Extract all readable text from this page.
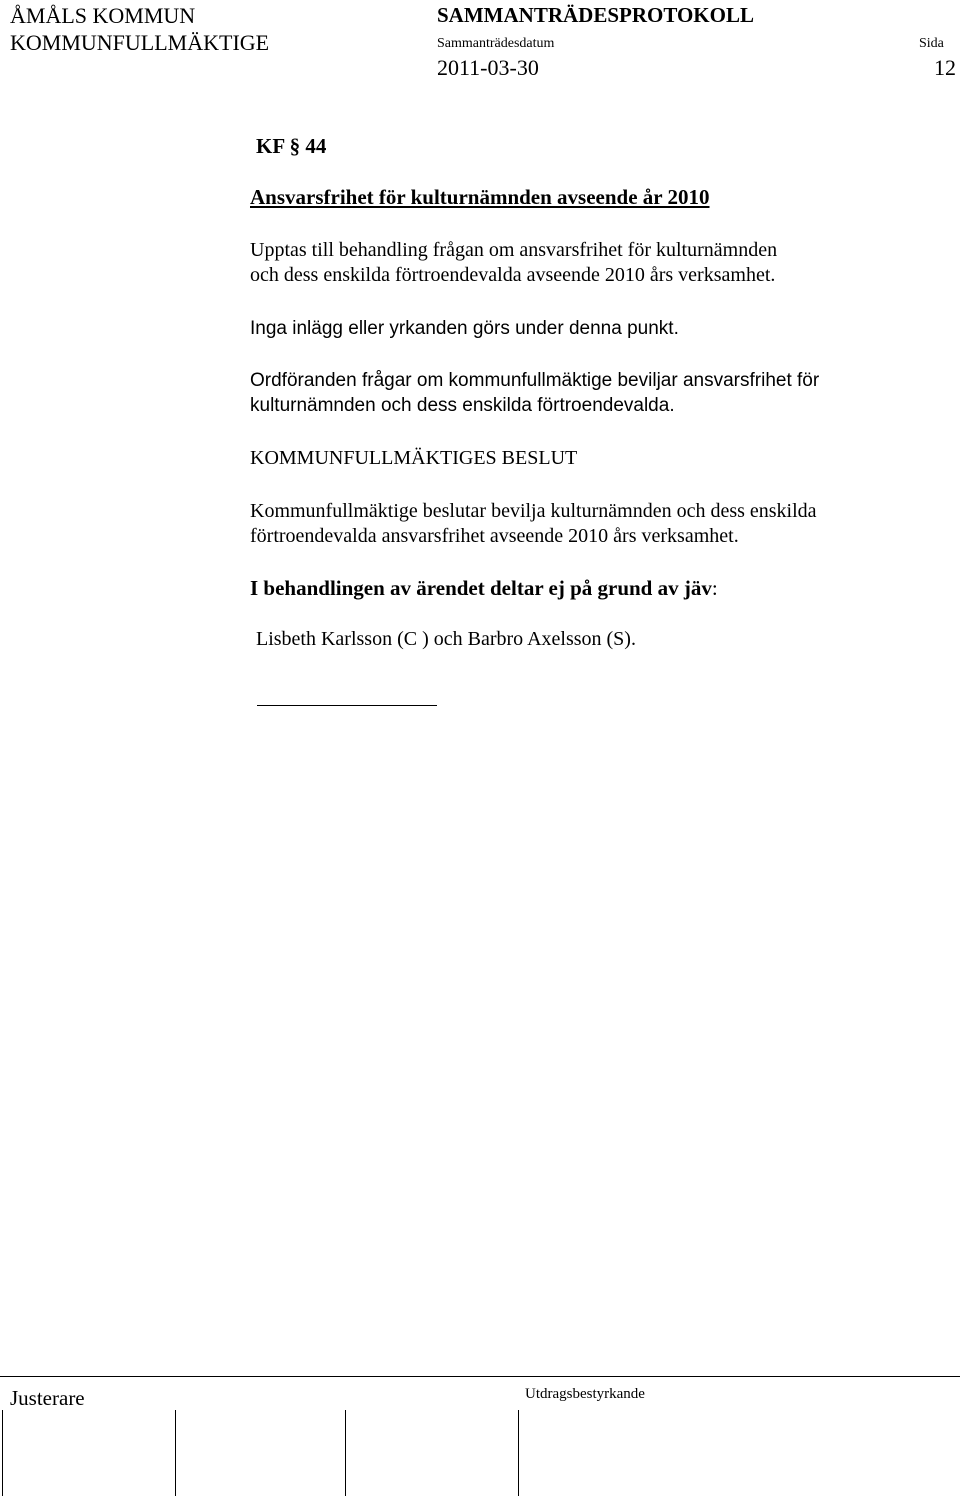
ÅMÅLS KOMMUN
KOMMUNFULLMÄKTIGE
SAMMANTRÄDESPROTOKOLL
Sammanträdesdatum	Sida
2011-03-30	12
KF § 44
Ansvarsfrihet för kulturnämnden avseende år 2010
Upptas till behandling frågan om ansvarsfrihet för kulturnämnden
och dess enskilda förtroendevalda avseende 2010 års verksamhet.
Inga inlägg eller yrkanden görs under denna punkt.
Ordföranden frågar om kommunfullmäktige beviljar ansvarsfrihet för
kulturnämnden och dess enskilda förtroendevalda.
KOMMUNFULLMÄKTIGES BESLUT
Kommunfullmäktige beslutar bevilja kulturnämnden och dess enskilda
förtroendevalda ansvarsfrihet avseende 2010 års verksamhet.
I behandlingen av ärendet deltar ej på grund av jäv:
Lisbeth Karlsson (C ) och Barbro Axelsson (S).
Justerare	Utdragsbestyrkande
